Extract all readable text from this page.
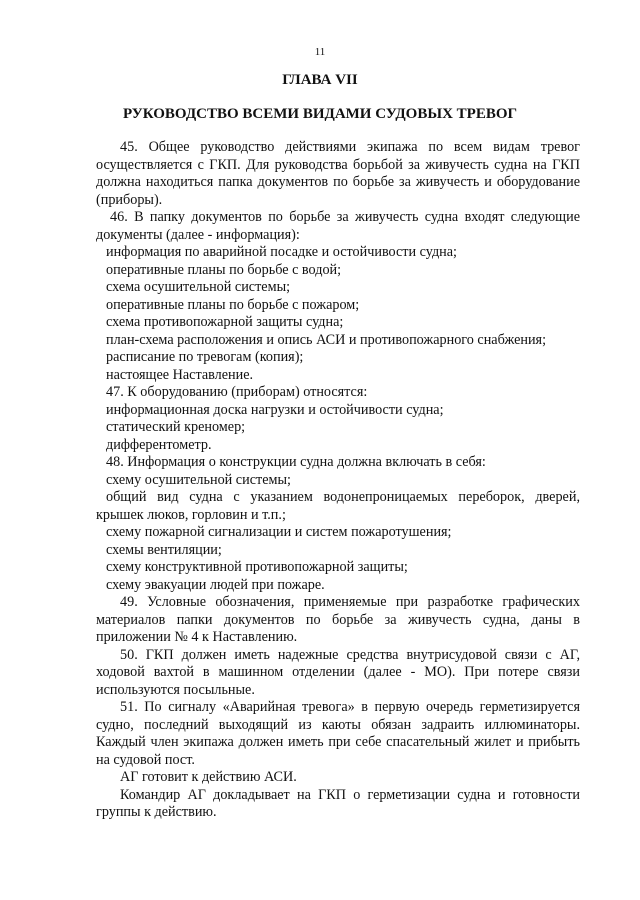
11
ГЛАВА VII
РУКОВОДСТВО ВСЕМИ ВИДАМИ СУДОВЫХ ТРЕВОГ

45. Общее руководство действиями экипажа по всем видам тревог осуществляется с ГКП. Для руководства борьбой за живучесть судна на ГКП должна находиться папка документов по борьбе за живучесть и оборудование (приборы).

46. В папку документов по борьбе за живучесть судна входят следующие документы (далее - информация):

информация по аварийной посадке и остойчивости судна;

оперативные планы по борьбе с водой;

схема осушительной системы;

оперативные планы по борьбе с пожаром;

схема противопожарной защиты судна;

план-схема расположения и опись АСИ и противопожарного снабжения;

расписание по тревогам (копия);

настоящее Наставление.

47. К оборудованию (приборам) относятся:

информационная доска нагрузки и остойчивости судна;

статический креномер;

дифферентометр.

48. Информация о конструкции судна должна включать в себя:

схему осушительной системы;

общий вид судна с указанием водонепроницаемых переборок, дверей, крышек люков, горловин и т.п.;

схему пожарной сигнализации и систем пожаротушения;

схемы вентиляции;

схему конструктивной противопожарной защиты;

схему эвакуации людей при пожаре.

49. Условные обозначения, применяемые при разработке графических материалов папки документов по борьбе за живучесть судна, даны в приложении № 4 к Наставлению.

50. ГКП должен иметь надежные средства внутрисудовой связи с АГ, ходовой вахтой в машинном отделении (далее - МО). При потере связи используются посыльные.

51. По сигналу «Аварийная тревога» в первую очередь герметизируется судно, последний выходящий из каюты обязан задраить иллюминаторы. Каждый член экипажа должен иметь при себе спасательный жилет и прибыть на судовой пост.

АГ готовит к действию АСИ.

Командир АГ докладывает на ГКП о герметизации судна и готовности группы к действию.
